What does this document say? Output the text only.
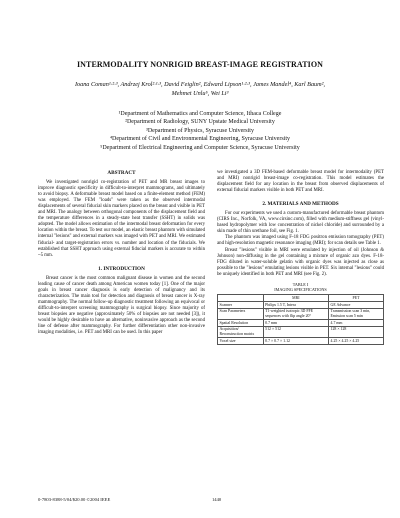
INTERMODALITY NONRIGID BREAST-IMAGE REGISTRATION
Ioana Coman¹·²·³, Andrzej Krol²·¹·³, David Feiglin², Edward Lipson¹·²·³, James Mandel⁴, Karl Baum²,
Mehmet Unlu⁵, Wei Li³
¹Department of Mathematics and Computer Science, Ithaca College
²Department of Radiology, SUNY Upstate Medical University
³Department of Physics, Syracuse University
⁴Department of Civil and Environmental Engineering, Syracuse University
⁵Department of Electrical Engineering and Computer Science, Syracuse University
ABSTRACT

We investigated nonrigid co-registration of PET and MR breast images to improve diagnostic specificity in difficult-to-interpret mammograms, and ultimately to avoid biopsy. A deformable breast model based on a finite-element method (FEM) was employed. The FEM "loads" were taken as the observed intermodal displacements of several fiducial skin markers placed on the breast and visible in PET and MRI. The analogy between orthogonal components of the displacement field and the temperature differences in a steady-state heat transfer (SSHT) in solids was adopted. The model allows estimation of the intermodal breast deformation for every location within the breast. To test our model, an elastic breast phantom with simulated internal "lesions" and external markers was imaged with PET and MRI. We estimated fiducial- and target-registration errors vs. number and location of the fiducials. We established that SSHT approach using external fiducial markers is accurate to within ~5 mm.

1. INTRODUCTION

Breast cancer is the most common malignant disease in women and the second leading cause of cancer death among American women today [1]. One of the major goals in breast cancer diagnosis is early detection of malignancy and its characterization. The main tool for detection and diagnosis of breast cancer is X-ray mammography. The normal follow-up diagnostic treatment following an equivocal or difficult-to-interpret screening mammography is surgical biopsy. Since majority of breast biopsies are negative (approximately 50% of biopsies are not needed [3]), it would be highly desirable to have an alternative, noninvasive approach as the second line of defense after mammography. For further differentiation other non-invasive imaging modalities, i.e. PET and MRI can be used. In this paper

we investigated a 3D FEM-based deformable breast model for intermodality (PET and MRI) nonrigid breast-image co-registration. This model estimates the displacement field for any location in the breast from observed displacements of external fiducial markers visible in both PET and MRI.

2. MATERIALS AND METHODS

For our experiments we used a custom-manufactured deformable breast phantom (CIRS Inc., Norfolk, VA, www.cirsinc.com), filled with medium-stiffness gel (vinyl-based hydropolymer with low concentration of nickel chloride) and surrounded by a skin made of thin urethane foil, see Fig. 1.

The phantom was imaged using F-18 FDG positron emission tomography (PET) and high-resolution magnetic resonance imaging (MRI); for scan details see Table 1.

Breast "lesions" visible in MRI were emulated by injection of oil (Johnson & Johnson) non-diffusing in the gel containing a mixture of organic azo dyes. F-18-FDG diluted in water-soluble gelatin with organic dyes was injected as close as possible to the "lesions" emulating lesions visible in PET. Six internal "lesions" could be uniquely identified in both PET and MRI (see Fig. 2).

TABLE I
IMAGING SPECIFICATIONS
	MRI	PET
Scanner	Philips 1.5 T, Intera	GE Advance
Scan Parameters	T1-weighted isotropic 3D FFE sequences with flip angle 20°	Transmission scan 3 min, Emission scan 5 min
Spatial Resolution	0.7 mm	4.7 mm
Acquisition/ Reconstruction matrix	512 × 512	128 × 128
Voxel size	0.7 × 0.7 × 1.12	4.25 × 4.25 × 4.25
0-7803-8388-5/04/$20.00 ©2004 IEEE	1440
